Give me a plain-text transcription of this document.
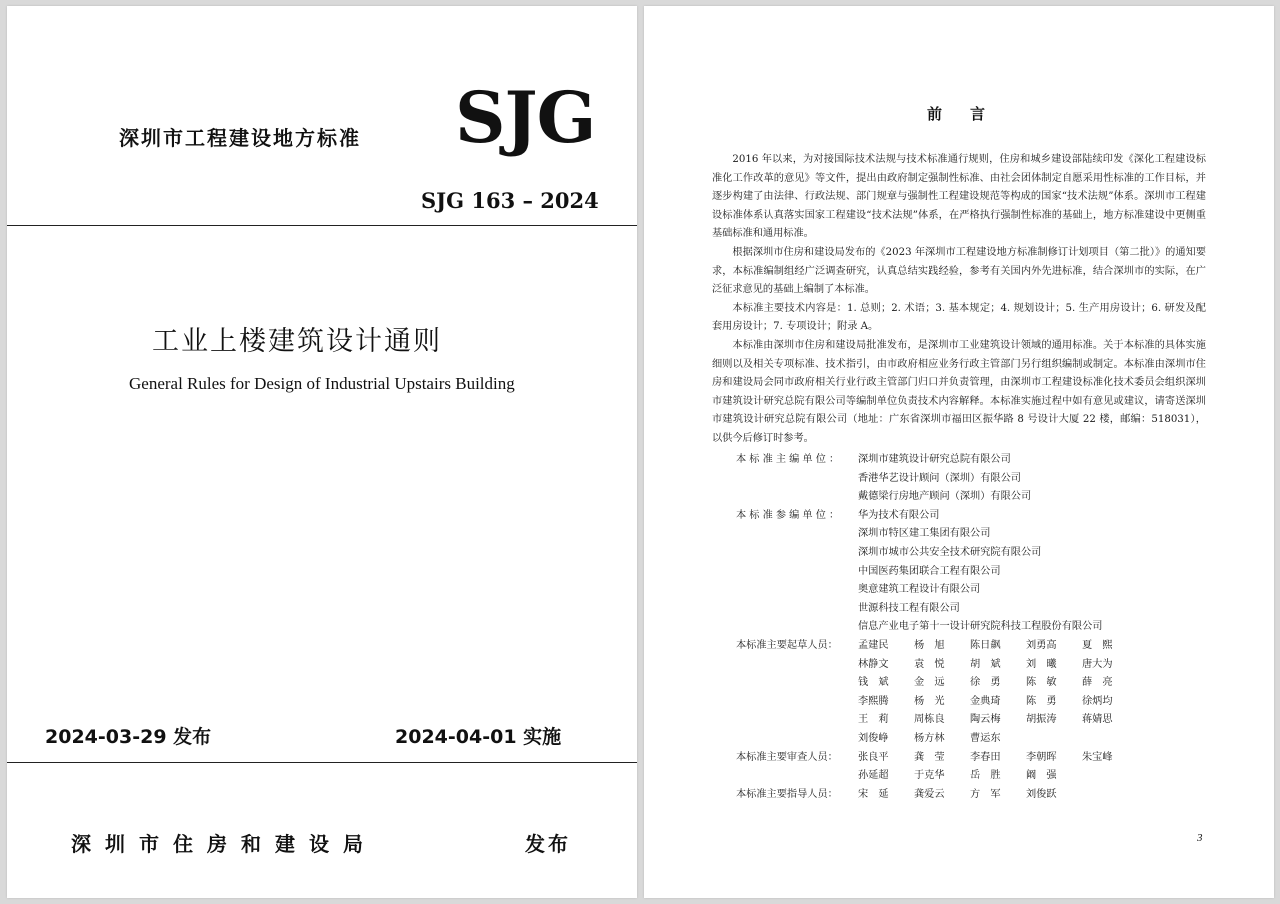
深圳市工程建设地方标准 SJG
SJG 163 – 2024
工业上楼建筑设计通则
General Rules for Design of Industrial Upstairs Building
2024-03-29 发布	2024-04-01 实施
深圳市住房和建设局	发布
前言

2016 年以来，为对接国际技术法规与技术标准通行规则，住房和城乡建设部陆续印发《深化工程建设标准化工作改革的意见》等文件，提出由政府制定强制性标准、由社会团体制定自愿采用性标准的工作目标，并逐步构建了由法律、行政法规、部门规章与强制性工程建设规范等构成的国家“技术法规”体系。深圳市工程建设标准体系认真落实国家工程建设“技术法规”体系，在严格执行强制性标准的基础上，地方标准建设中更侧重基础标准和通用标准。

根据深圳市住房和建设局发布的《2023 年深圳市工程建设地方标准制修订计划项目（第二批）》的通知要求，本标准编制组经广泛调查研究，认真总结实践经验，参考有关国内外先进标准，结合深圳市的实际，在广泛征求意见的基础上编制了本标准。

本标准主要技术内容是：1. 总则；2. 术语；3. 基本规定；4. 规划设计；5. 生产用房设计；6. 研发及配套用房设计；7. 专项设计；附录 A。

本标准由深圳市住房和建设局批准发布，是深圳市工业建筑设计领域的通用标准。关于本标准的具体实施细则以及相关专项标准、技术指引，由市政府相应业务行政主管部门另行组织编制或制定。本标准由深圳市住房和建设局会同市政府相关行业行政主管部门归口并负责管理，由深圳市工程建设标准化技术委员会组织深圳市建筑设计研究总院有限公司等编制单位负责技术内容解释。本标准实施过程中如有意见或建议，请寄送深圳市建筑设计研究总院有限公司（地址：广东省深圳市福田区振华路 8 号设计大厦 22 楼，邮编：518031），以供今后修订时参考。

本标准主编单位：	深圳市建筑设计研究总院有限公司
香港华艺设计顾问（深圳）有限公司
戴德梁行房地产顾问（深圳）有限公司
本标准参编单位：	华为技术有限公司
深圳市特区建工集团有限公司
深圳市城市公共安全技术研究院有限公司
中国医药集团联合工程有限公司
奥意建筑工程设计有限公司
世源科技工程有限公司
信息产业电子第十一设计研究院科技工程股份有限公司
本标准主要起草人员：	孟建民	杨　旭	陈日飙	刘勇高	夏　熙
林静文	袁　悦	胡　斌	刘　曦	唐大为
钱　斌	金　远	徐　勇	陈　敏	薛　亮
李熙腾	杨　光	金典琦	陈　勇	徐炳均
王　莉	周栋良	陶云梅	胡振涛	蒋婧思
刘俊峥	杨方林	曹运东
本标准主要审查人员：	张良平	龚　莹	李春田	李朝晖	朱宝峰
孙延超	于克华	岳　胜	阚　强
本标准主要指导人员：	宋　延	龚爱云	方　军	刘俊跃
3
